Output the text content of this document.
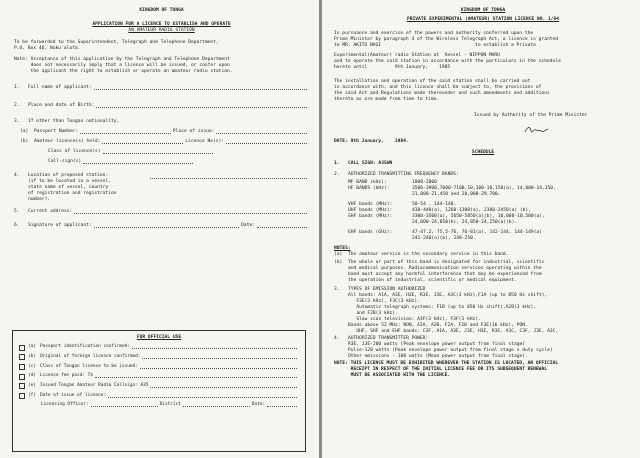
KINGDOM OF TONGA
APPLICATION FOR A LICENCE TO ESTABLISH AND OPERATE
AN AMATEUR RADIO STATION
To be forwarded to the Superintendent, Telegraph and Telephone Department,
P.O. Box 46, Nuku'alofa.
Note: Acceptance of this application by the Telegraph and Telephone Department
does not necessarily imply that a licence will be issued, or confer upon
the applicant the right to establish or operate an amateur radio station.
1.	Full name of applicant:
2.	Place and date of Birth:
3.	If other than Tongan nationality,
(a)	Passport Number:	Place of issue:
(b)	Amateur licence(s) held:	Licence No(s):
Class of licence(s)
Call-sign(s)
4.	Location of proposed station:
(if to be located in a vessel,
state name of vessel, country
of registration and registration
number).
5.	Current address:
6.	Signature of applicant:	Date:
FOR OFFICIAL USE
(a) Passport identification confirmed:
(b) Original of foreign licence confirmed:
(c) Class of Tongan licence to be issued:
(d) Licence fee paid: T$
(e) Issued Tongan Amateur Radio Callsign: A35
(f) Date of issue of licence:
Licensing Officer:	District	Date:
KINGDOM OF TONGA
PRIVATE EXPERIMENTAL (AMATEUR) STATION LICENCE NO. 1/84
In pursuance and exercise of the powers and authority conferred upon the
Prime Minister by paragraph 4 of the Wireless Telegraph Act, a licence is granted
to MR. AKITO NAGI                                  to establish a Private
Experimental(Amateur) radio Station at  Vessel - NIPPON MARU
and to operate the said station in accordance with the particulars in the schedule
hereto until          9th January,    1985
The installation and operation of the said station shall be carried out
in accordance with, and this licence shall be subject to, the provisions of
the said Act and Regulations made thereunder and such amendments and additions
thereto as are made from time to time.
Issued by Authority of the Prime Minister
DATE: 9th January,    1984.
SCHEDULE
1.	CALL SIGN: A35WN
2.	AUTHORIZED TRANSMITTING FREQUENCY BANDS:
MF BAND (kHz):	1800-2000
HF BANDS (kHz):	3500-3900,7000-7100,10,100-10,150(a), 14,000-14,350,
21,000-21,450 and 28,000-29,700.
VHF bands (MHz):	50-54 , 144-148.
UHF bands (MHz):	430-440(a), 1260-1300(a), 2300-2450(a) (b),
SHF bands (MHz):	3300-3500(a), 5650-5850(a)(b), 10,000-10,500(a),
24,000-24,050(b), 24,050-24,250(a)(b).
EHF bands (GHz):	47-47.2, 75.5-76, 76-81(a), 142-144, 144-149(a)
241-248(a)(b), 248-250.
NOTES:
(a)	The amateur service is the secondary service in this band.
(b)	The whole or part of this band is designated for industrial, scientific
and medical purposes. Radiocommunication services operating within the
band must accept any harmful interference that may be experienced from
the operation of industrial, scientific or medical equipment.
3.	TYPES OF EMISSION AUTHORIZED
All bands: A1A, A3E, H3E, R3E, J3E, A3C(3 kHz),F1A (up to 850 Hz shift),
F3E(3 kHz), F3C(3 kHz).
Automatic telegraph systems: F1B (up to 850 Hz shift),A2B(3 kHz),
and F2B(3 kHz).
Slow scan television: A3F(3 kHz), F3F(3 kHz).
Bands above 52 MHz: NON, A2A, A2B, F2A, F2B and F3E(16 kHz), PON.
UHF, SHF and EHF bands: C3F, A1A, A3E, J3E, H3E, R3E, A3C, C3F, J3E, A3C,
4.	AUTHORIZED TRANSMITTER POWER:
R3E, J3E-200 watts (Peak envelope power output from final stage)
Pulse-120 watts (Peak envelope power output from final stage x duty cycle)
Other emissions - 100 watts (Mean power output from final stage).
NOTE: THIS LICENCE MUST BE EXHIBITED WHEREVER THE STATION IS LOCATED, AN OFFICIAL
RECEIPT IN RESPECT OF THE INITIAL LICENCE FEE OR ITS SUBSEQUENT RENEWAL
MUST BE ASSOCIATED WITH THE LICENCE.
